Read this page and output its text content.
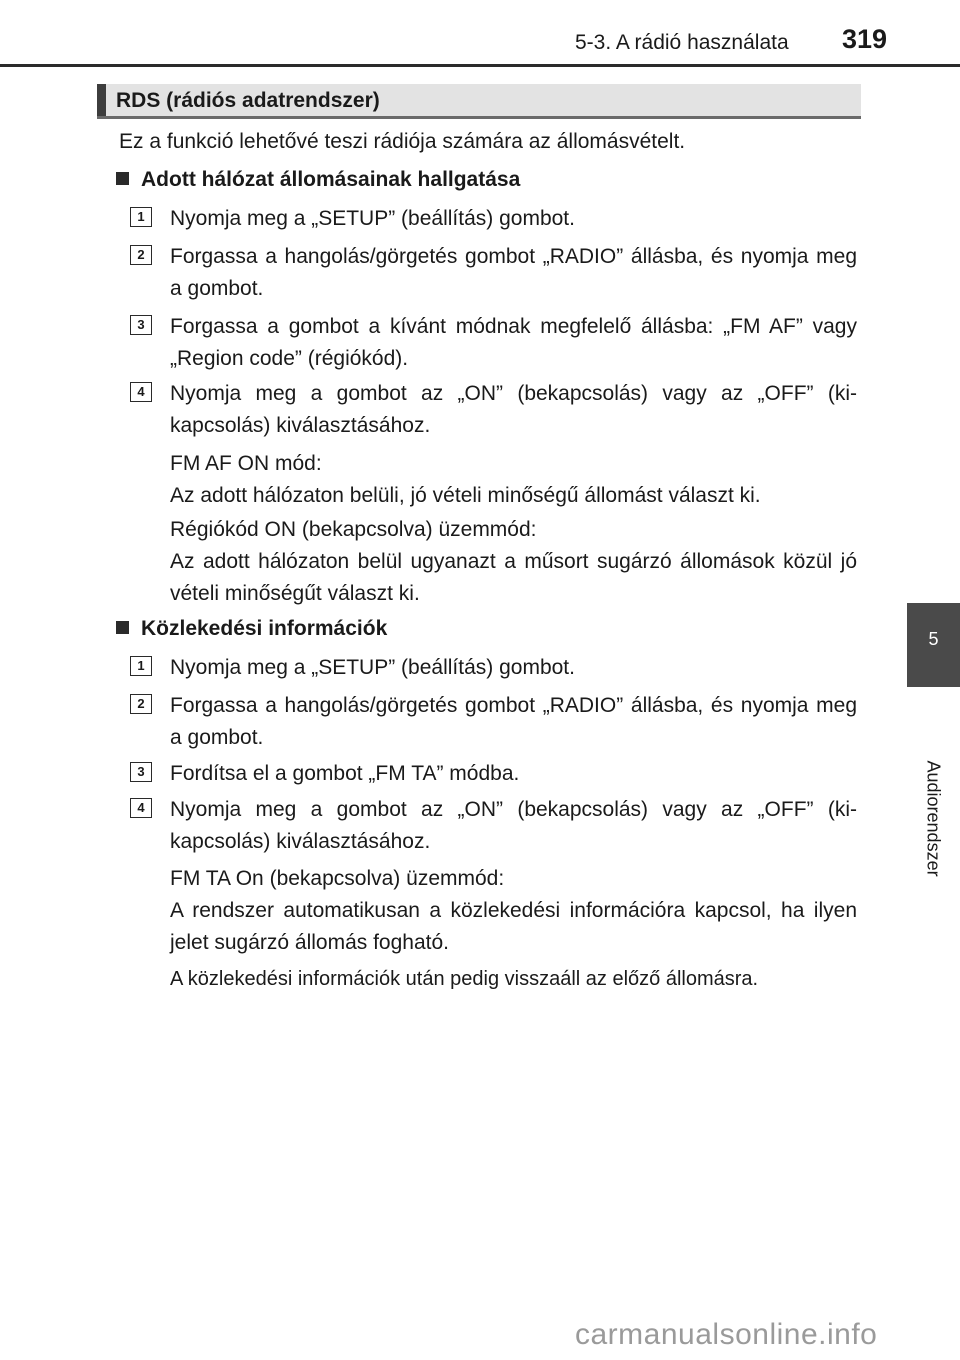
5-3. A rádió használata 319
5
Audiorendszer
RDS (rádiós adatrendszer)
Ez a funkció lehetővé teszi rádiója számára az állomásvételt.
Adott hálózat állomásainak hallgatása
1	Nyomja meg a „SETUP” (beállítás) gombot.
2	Forgassa a hangolás/görgetés gombot „RADIO” állásba, és nyomja meg a gombot.
3	Forgassa a gombot a kívánt módnak megfelelő állásba: „FM AF” vagy „Region code” (régiókód).
4	Nyomja meg a gombot az „ON” (bekapcsolás) vagy az „OFF” (ki-kapcsolás) kiválasztásához.
FM AF ON mód:
Az adott hálózaton belüli, jó vételi minőségű állomást választ ki.
Régiókód ON (bekapcsolva) üzemmód:
Az adott hálózaton belül ugyanazt a műsort sugárzó állomások közül jó vételi minőségűt választ ki.
Közlekedési információk
1	Nyomja meg a „SETUP” (beállítás) gombot.
2	Forgassa a hangolás/görgetés gombot „RADIO” állásba, és nyomja meg a gombot.
3	Fordítsa el a gombot „FM TA” módba.
4	Nyomja meg a gombot az „ON” (bekapcsolás) vagy az „OFF” (ki-kapcsolás) kiválasztásához.
FM TA On (bekapcsolva) üzemmód:
A rendszer automatikusan a közlekedési információra kapcsol, ha ilyen jelet sugárzó állomás fogható.
A közlekedési információk után pedig visszaáll az előző állomásra.
carmanualsonline.info
